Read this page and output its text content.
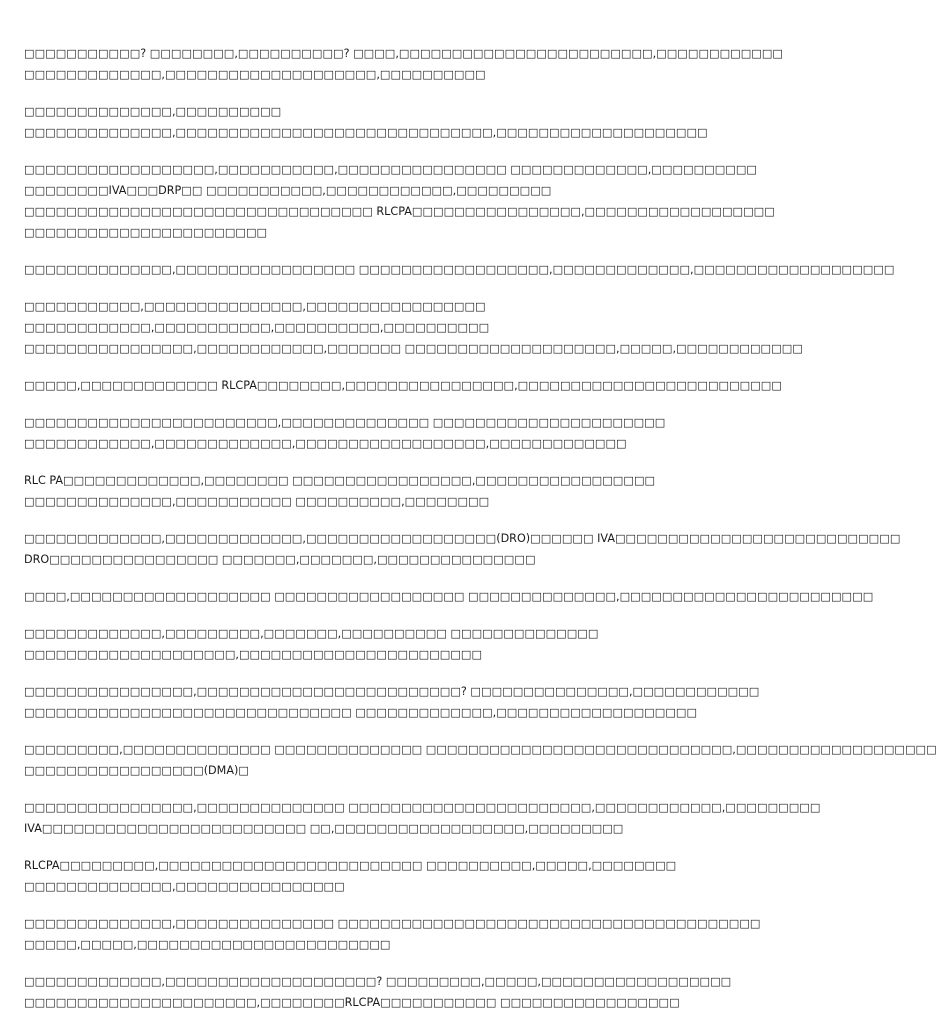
□□□□□□□□□□□? □□□□□□□□,□□□□□□□□□□? □□□□,□□□□□□□□□□□□□□□□□□□□□□□□,□□□□□□□□□□□□
□□□□□□□□□□□□□,□□□□□□□□□□□□□□□□□□□□,□□□□□□□□□□

□□□□□□□□□□□□□□,□□□□□□□□□□
□□□□□□□□□□□□□□,□□□□□□□□□□□□□□□□□□□□□□□□□□□□□□,□□□□□□□□□□□□□□□□□□□□

□□□□□□□□□□□□□□□□□□,□□□□□□□□□□□,□□□□□□□□□□□□□□□□ □□□□□□□□□□□□□,□□□□□□□□□□
□□□□□□□□IVA□□□DRP□□ □□□□□□□□□□□,□□□□□□□□□□□□,□□□□□□□□□
□□□□□□□□□□□□□□□□□□□□□□□□□□□□□□□□□ RLCPA□□□□□□□□□□□□□□□□,□□□□□□□□□□□□□□□□□□
□□□□□□□□□□□□□□□□□□□□□□□

□□□□□□□□□□□□□□,□□□□□□□□□□□□□□□□□ □□□□□□□□□□□□□□□□□□,□□□□□□□□□□□□□,□□□□□□□□□□□□□□□□□□□

□□□□□□□□□□□,□□□□□□□□□□□□□□□,□□□□□□□□□□□□□□□□□
□□□□□□□□□□□□,□□□□□□□□□□□,□□□□□□□□□□,□□□□□□□□□□
□□□□□□□□□□□□□□□□,□□□□□□□□□□□□,□□□□□□□ □□□□□□□□□□□□□□□□□□□□,□□□□□,□□□□□□□□□□□□

□□□□□,□□□□□□□□□□□□□ RLCPA□□□□□□□□,□□□□□□□□□□□□□□□□,□□□□□□□□□□□□□□□□□□□□□□□□□

□□□□□□□□□□□□□□□□□□□□□□□□,□□□□□□□□□□□□□□ □□□□□□□□□□□□□□□□□□□□□□
□□□□□□□□□□□□,□□□□□□□□□□□□□,□□□□□□□□□□□□□□□□□□,□□□□□□□□□□□□□

RLC PA□□□□□□□□□□□□□,□□□□□□□□ □□□□□□□□□□□□□□□□□,□□□□□□□□□□□□□□□□□
□□□□□□□□□□□□□□,□□□□□□□□□□□ □□□□□□□□□□,□□□□□□□□

□□□□□□□□□□□□□,□□□□□□□□□□□□□,□□□□□□□□□□□□□□□□□□(DRO)□□□□□□ IVA□□□□□□□□□□□□□□□□□□□□□□□□□□□
DRO□□□□□□□□□□□□□□□□ □□□□□□□,□□□□□□□,□□□□□□□□□□□□□□□

□□□□,□□□□□□□□□□□□□□□□□□□ □□□□□□□□□□□□□□□□□□ □□□□□□□□□□□□□□,□□□□□□□□□□□□□□□□□□□□□□□□

□□□□□□□□□□□□□,□□□□□□□□□,□□□□□□□,□□□□□□□□□□ □□□□□□□□□□□□□□
□□□□□□□□□□□□□□□□□□□□,□□□□□□□□□□□□□□□□□□□□□□□

□□□□□□□□□□□□□□□□,□□□□□□□□□□□□□□□□□□□□□□□□□? □□□□□□□□□□□□□□□,□□□□□□□□□□□□
□□□□□□□□□□□□□□□□□□□□□□□□□□□□□□□ □□□□□□□□□□□□□,□□□□□□□□□□□□□□□□□□□

□□□□□□□□□,□□□□□□□□□□□□□□ □□□□□□□□□□□□□□ □□□□□□□□□□□□□□□□□□□□□□□□□□□□□,□□□□□□□□□□□□□□□□□□□
□□□□□□□□□□□□□□□□□(DMA)□

□□□□□□□□□□□□□□□□,□□□□□□□□□□□□□□ □□□□□□□□□□□□□□□□□□□□□□□,□□□□□□□□□□□□,□□□□□□□□□
IVA□□□□□□□□□□□□□□□□□□□□□□□□□ □□,□□□□□□□□□□□□□□□□□□,□□□□□□□□□

RLCPA□□□□□□□□□,□□□□□□□□□□□□□□□□□□□□□□□□□ □□□□□□□□□□,□□□□□,□□□□□□□□
□□□□□□□□□□□□□□,□□□□□□□□□□□□□□□□

□□□□□□□□□□□□□□,□□□□□□□□□□□□□□□ □□□□□□□□□□□□□□□□□□□□□□□□□□□□□□□□□□□□□□□□
□□□□□,□□□□□,□□□□□□□□□□□□□□□□□□□□□□□□

□□□□□□□□□□□□□,□□□□□□□□□□□□□□□□□□□□? □□□□□□□□□,□□□□□,□□□□□□□□□□□□□□□□□□
□□□□□□□□□□□□□□□□□□□□□□,□□□□□□□□RLCPA□□□□□□□□□□□ □□□□□□□□□□□□□□□□□
